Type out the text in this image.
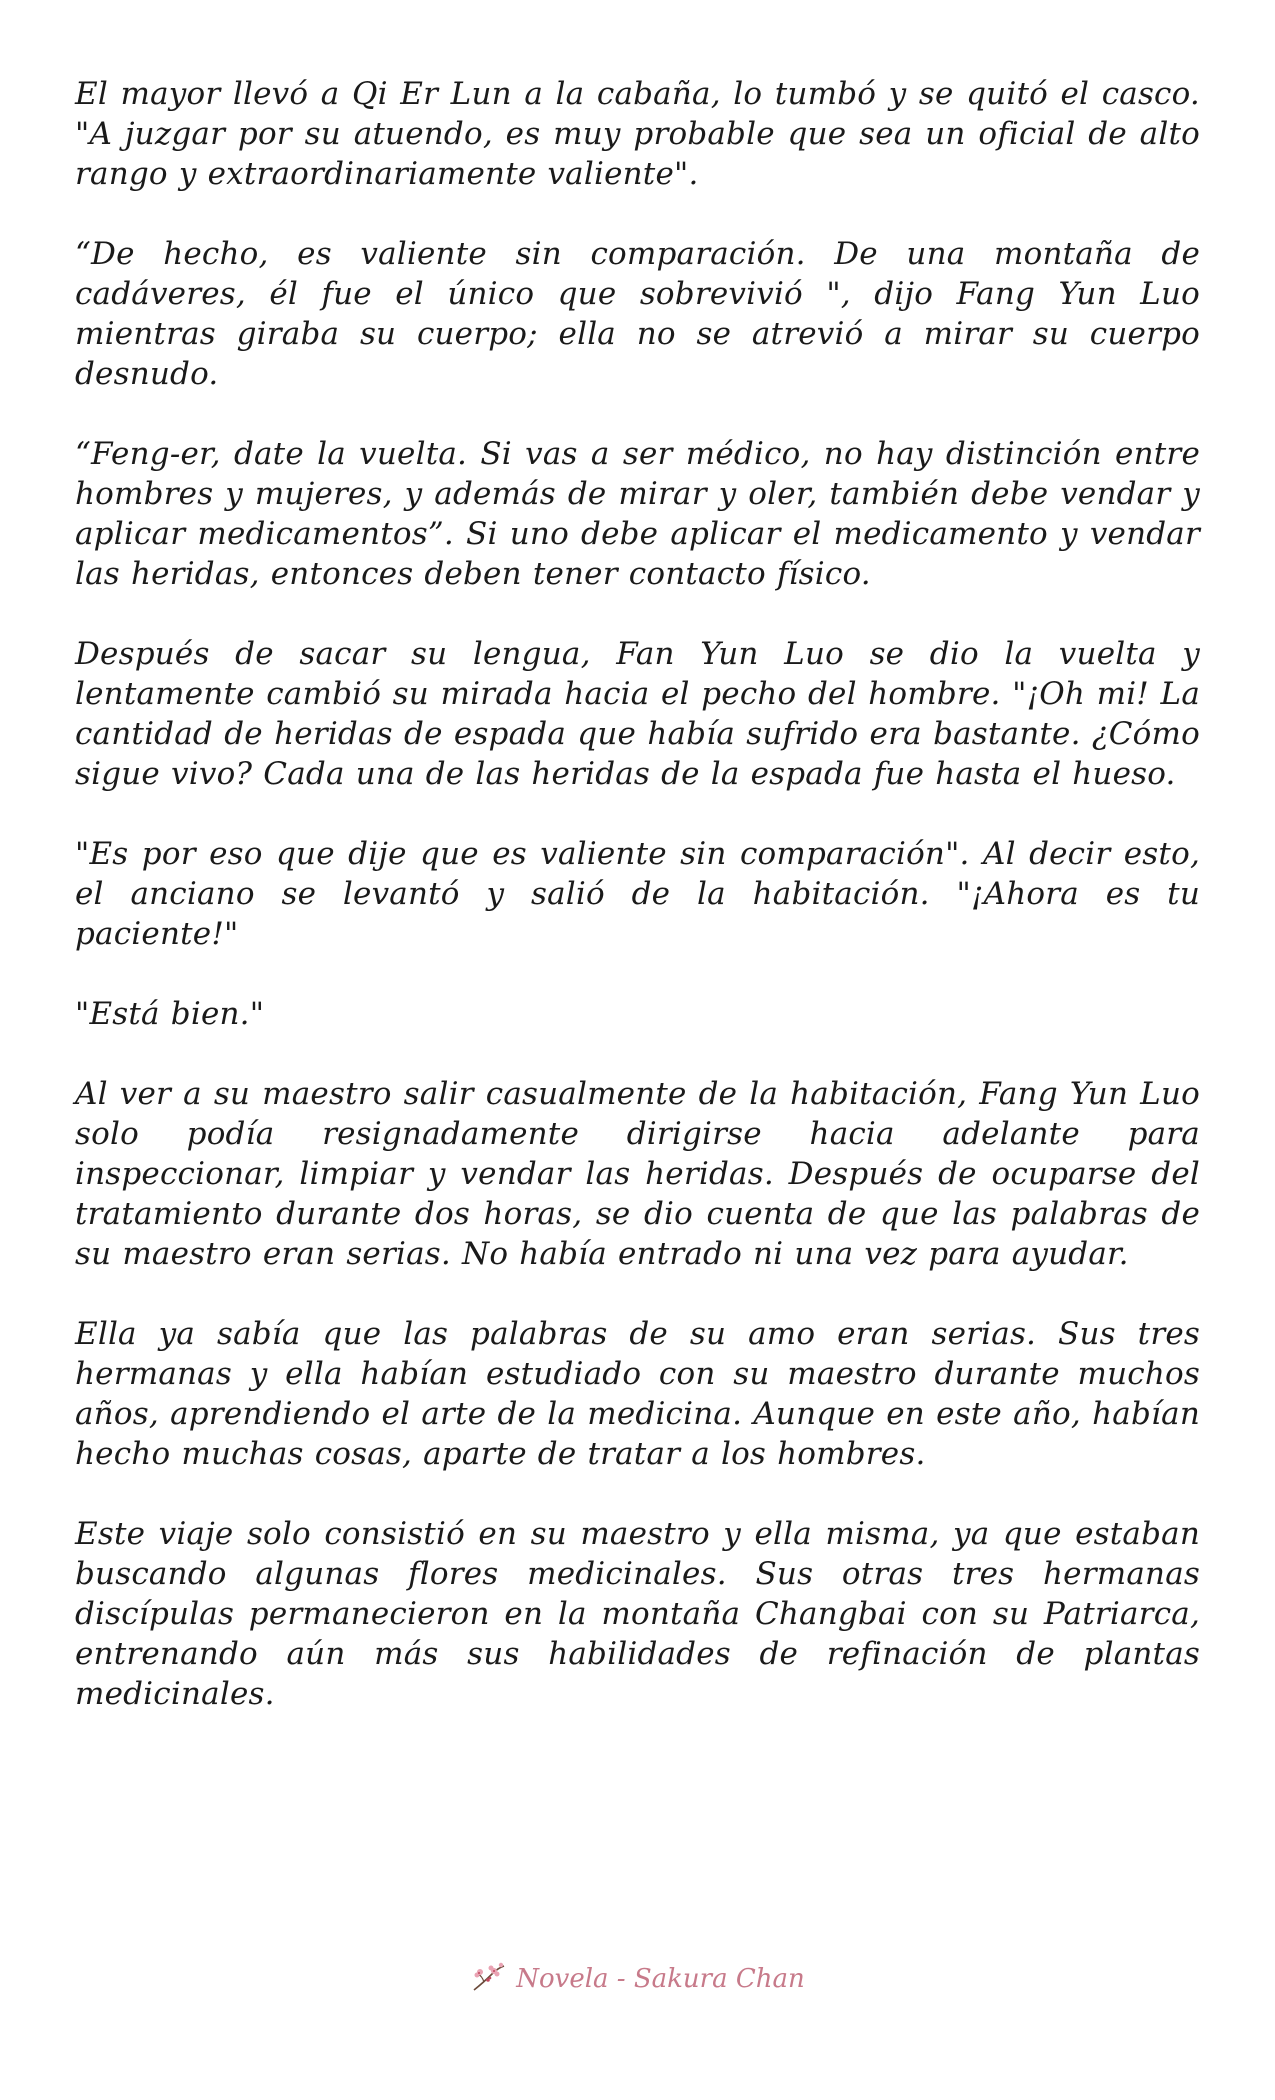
El mayor llevó a Qi Er Lun a la cabaña, lo tumbó y se quitó el casco. "A juzgar por su atuendo, es muy probable que sea un oficial de alto rango y extraordinariamente valiente".

“De hecho, es valiente sin comparación. De una montaña de cadáveres, él fue el único que sobrevivió ", dijo Fang Yun Luo mientras giraba su cuerpo; ella no se atrevió a mirar su cuerpo desnudo.

“Feng-er, date la vuelta. Si vas a ser médico, no hay distinción entre hombres y mujeres, y además de mirar y oler, también debe vendar y aplicar medicamentos”. Si uno debe aplicar el medicamento y vendar las heridas, entonces deben tener contacto físico.

Después de sacar su lengua, Fan Yun Luo se dio la vuelta y lentamente cambió su mirada hacia el pecho del hombre. "¡Oh mi! La cantidad de heridas de espada que había sufrido era bastante. ¿Cómo sigue vivo? Cada una de las heridas de la espada fue hasta el hueso.

"Es por eso que dije que es valiente sin comparación". Al decir esto, el anciano se levantó y salió de la habitación. "¡Ahora es tu paciente!"

"Está bien."

Al ver a su maestro salir casualmente de la habitación, Fang Yun Luo solo podía resignadamente dirigirse hacia adelante para inspeccionar, limpiar y vendar las heridas. Después de ocuparse del tratamiento durante dos horas, se dio cuenta de que las palabras de su maestro eran serias. No había entrado ni una vez para ayudar.

Ella ya sabía que las palabras de su amo eran serias. Sus tres hermanas y ella habían estudiado con su maestro durante muchos años, aprendiendo el arte de la medicina. Aunque en este año, habían hecho muchas cosas, aparte de tratar a los hombres.

Este viaje solo consistió en su maestro y ella misma, ya que estaban buscando algunas flores medicinales. Sus otras tres hermanas discípulas permanecieron en la montaña Changbai con su Patriarca, entrenando aún más sus habilidades de refinación de plantas medicinales.

Novela - Sakura Chan
